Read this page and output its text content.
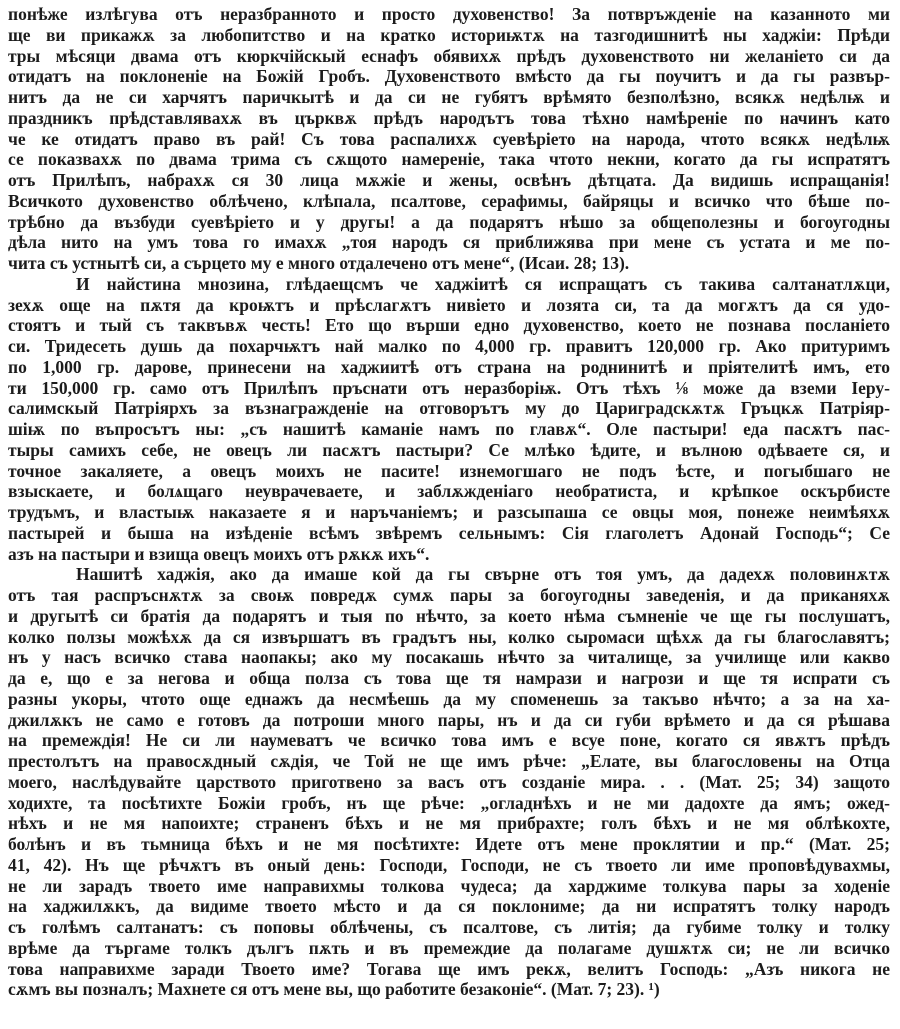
понѣже излѣгува отъ неразбранното и просто духовенство! За потвръжденiе на казанното ми
ще ви прикажѫ за любопитство и на кратко историѭтѫ на тазгодишнитѣ ны хаджiи: Прѣди
тры мѣсяци двама отъ кюркчiйскый еснафъ обявихѫ прѣдъ духовенството ни желанiето си да
отидатъ на поклоненiе на Божiй Гробъ. Духовенството вмѣсто да гы поучитъ и да гы развър-
нитъ да не си харчятъ паричкытѣ и да си не губятъ врѣмято безполѣзно, всякѫ недѣлѭ и
праздникъ прѣдставлявахѫ въ църквѫ прѣдъ народътъ това тѣхно намѣренiе по начинъ като
че ке отидатъ право въ рай! Съ това распалихѫ суевѣрiето на народа, чтото всякѫ недѣлѭ
се показвахѫ по двама трима съ сѫщото намеренiе, така чтото некни, когато да гы испратятъ
отъ Прилѣпъ, набрахѫ ся 30 лица мѫжiе и жены, освѣнъ дѣтцата. Да видишь испращанiя!
Всичкото духовенство облѣчено, клѣпала, псалтове, серафимы, байряцы и всичко что бѣше по-
трѣбно да възбуди суевѣрiето и у другы! а да подарятъ нѣшо за общеполезны и богоугодны
дѣла нито на умъ това го имахѫ „тоя народъ ся приближява при мене съ устата и ме по-
чита съ устнытѣ си, а сърцето му е много отдалечено отъ мене“, (Исаи. 28; 13).
И найстина мнозина, глѣдаещсмъ че хаджiитѣ ся испращатъ съ такива салтанатлѫци,
зехѫ още на пѫтя да кроѭтъ и прѣслагѫтъ нивiето и лозята си, та да могѫтъ да ся удо-
стоятъ и тый съ таквъвѫ честь! Ето що върши едно духовенство, което не познава посланiето
си. Тридесеть душь да похарчѭтъ най малко по 4,000 гр. правитъ 120,000 гр. Ако притуримъ
по 1,000 гр. дарове, принесени на хаджиитѣ отъ страна на роднинитѣ и прiятелитѣ имъ, ето
ти 150,000 гр. само отъ Прилѣпъ пръснати отъ неразборiѭ. Отъ тѣхъ ⅛ може да вземи Iеру-
салимскый Патрiярхъ за възнагражденiе на отговорътъ му до Цариградскѫтѫ Гръцкѫ Патрiяр-
шiѭ по въпросътъ ны: „съ нашитѣ каманiе намъ по главѫ“. Оле пастыри! еда пасѫтъ пас-
тыры самихъ себе, не овецъ ли пасѫтъ пастыри? Се млѣко ѣдите, и вълною одѣваете ся, и
точное закаляете, а овецъ моихъ не пасите! изнемогшаго не подъ ѣсте, и погыбшаго не
взыскаете, и болѧщаго неуврачеваете, и заблѫжденiаго необратиста, и крѣпкое оскърбисте
трудъмъ, и властыѭ наказаете я и наръчанiемъ; и разсыпаша се овцы моя, понеже неимѣяхѫ
пастырей и быша на изѣденiе всѣмъ звѣремъ сельнымъ: Сiя глаголетъ Адонай Господь“; Се
азъ на пастыри и взища овецъ моихъ отъ рѫкѫ ихъ“.
Нашитѣ хаджiя, ако да имаше кой да гы свърне отъ тоя умъ, да дадехѫ половинѫтѫ
отъ тая распръснѫтѫ за своѭ повредѫ сумѫ пары за богоугодны заведенiя, и да приканяхѫ
и другытѣ си братiя да подарятъ и тыя по нѣчто, за което нѣма съмненiе че ще гы послушатъ,
колко ползы можѣхѫ да ся извършатъ въ градътъ ны, колко сыромаси щѣхѫ да гы благославятъ;
нъ у насъ всичко става наопакы; ако му посакашь нѣчто за читалище, за училище или какво
да е, що е за негова и обща полза съ това ще тя намрази и нагрози и ще тя испрати съ
разны укоры, чтото още еднажъ да несмѣешь да му споменешь за такъво нѣчто; а за на ха-
джилѫкъ не само е готовъ да потроши много пары, нъ и да си губи врѣмето и да ся рѣшава
на премеждiя! Не си ли наумеватъ че всичко това имъ е всуе поне, когато ся явѫтъ прѣдъ
престолътъ на правосѫдный сѫдiя, че Той не ще имъ рѣче: „Елате, вы благословены на Отца
моего, наслѣдувайте царството приготвено за васъ отъ созданiе мира. . . (Мат. 25; 34) защото
ходихте, та посѣтихте Божiи гробъ, нъ ще рѣче: „огладнѣхъ и не ми дадохте да ямъ; ожед-
нѣхъ и не мя напоихте; страненъ бѣхъ и не мя прибрахте; голъ бѣхъ и не мя облѣкохте,
болѣнъ и въ тьмница бѣхъ и не мя посѣтихте: Идете отъ мене проклятии и пр.“ (Мат. 25;
41, 42). Нъ ще рѣчѫтъ въ оный день: Господи, Господи, не съ твоето ли име проповѣдувахмы,
не ли зарадъ твоето име направихмы толкова чудеса; да харджиме толкува пары за ходенiе
на хаджилѫкъ, да видиме твоето мѣсто и да ся поклониме; да ни испратятъ толку народъ
съ голѣмъ салтанатъ: съ поповы облѣчены, съ псалтове, съ литiя; да губиме толку и толку
врѣме да търгаме толкъ дългъ пѫть и въ премеждие да полагаме душѫтѫ си; не ли всичко
това направихме заради Твоето име? Тогава ще имъ рекѫ, велитъ Господь: „Азъ никога не
сѫмъ вы позналъ; Махнете ся отъ мене вы, що работите безаконiе“. (Мат. 7; 23). ¹)
